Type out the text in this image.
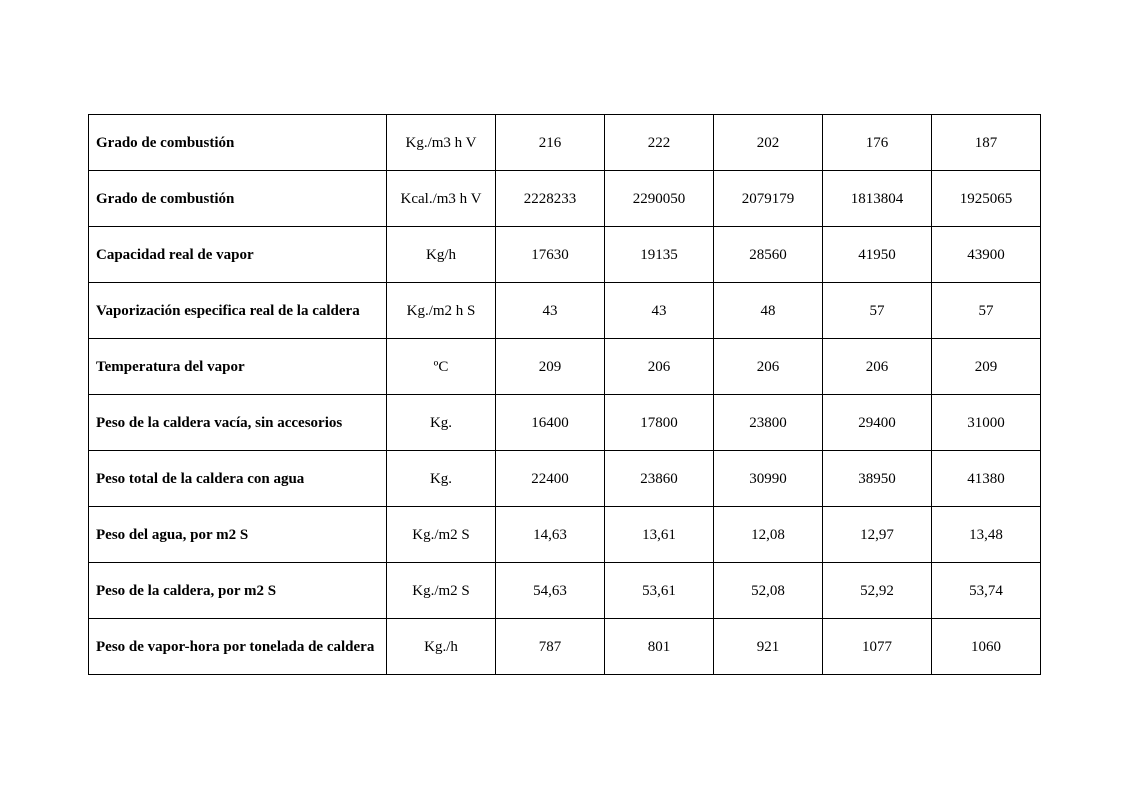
Grado de combustión	Kg./m3 h V	216	222	202	176	187

Grado de combustión	Kcal./m3 h V	2228233	2290050	2079179	1813804	1925065

Capacidad real de vapor	Kg/h	17630	19135	28560	41950	43900

Vaporización especifica real de la caldera	Kg./m2 h S	43	43	48	57	57

Temperatura del vapor	ºC	209	206	206	206	209

Peso de la caldera vacía, sin accesorios	Kg.	16400	17800	23800	29400	31000

Peso total de la caldera con agua	Kg.	22400	23860	30990	38950	41380

Peso del agua, por m2 S	Kg./m2 S	14,63	13,61	12,08	12,97	13,48

Peso de la caldera, por m2 S	Kg./m2 S	54,63	53,61	52,08	52,92	53,74

Peso de vapor-hora por tonelada de caldera	Kg./h	787	801	921	1077	1060
